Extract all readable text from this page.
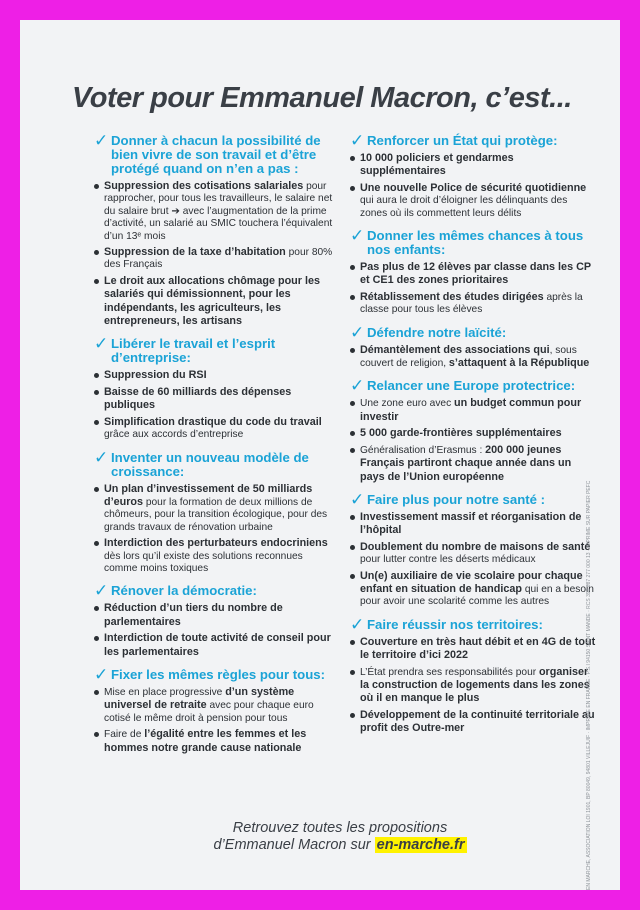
Voter pour Emmanuel Macron, c’est...
✓ Donner à chacun la possibilité de bien vivre de son travail et d’être protégé quand on n’en a pas :
Suppression des cotisations salariales pour rapprocher, pour tous les travailleurs, le salaire net du salaire brut ➔ avec l’augmentation de la prime d’activité, un salarié au SMIC touchera l’équivalent d’un 13ᵉ mois
Suppression de la taxe d’habitation pour 80% des Français
Le droit aux allocations chômage pour les salariés qui démissionnent, pour les indépendants, les agriculteurs, les entrepreneurs, les artisans
✓ Libérer le travail et l’esprit d’entreprise:
Suppression du RSI
Baisse de 60 milliards des dépenses publiques
Simplification drastique du code du travail grâce aux accords d’entreprise
✓ Inventer un nouveau modèle de croissance:
Un plan d’investissement de 50 milliards d’euros pour la formation de deux millions de chômeurs, pour la transition écologique, pour des grands travaux de rénovation urbaine
Interdiction des perturbateurs endocriniens dès lors qu’il existe des solutions reconnues comme moins toxiques
✓ Rénover la démocratie:
Réduction d’un tiers du nombre de parlementaires
Interdiction de toute activité de conseil pour les parlementaires
✓ Fixer les mêmes règles pour tous:
Mise en place progressive d’un système universel de retraite avec pour chaque euro cotisé le même droit à pension pour tous
Faire de l’égalité entre les femmes et les hommes notre grande cause nationale
✓ Renforcer un État qui protège:
10 000 policiers et gendarmes supplémentaires
Une nouvelle Police de sécurité quotidienne qui aura le droit d’éloigner les délinquants des zones où ils commettent leurs délits
✓ Donner les mêmes chances à tous nos enfants:
Pas plus de 12 élèves par classe dans les CP et CE1 des zones prioritaires
Rétablissement des études dirigées après la classe pour tous les élèves
✓ Défendre notre laïcité:
Démantèlement des associations qui, sous couvert de religion, s’attaquent à la République
✓ Relancer une Europe protectrice:
Une zone euro avec un budget commun pour investir
5 000 garde-frontières supplémentaires
Généralisation d’Erasmus : 200 000 jeunes Français partiront chaque année dans un pays de l’Union européenne
✓ Faire plus pour notre santé :
Investissement massif et réorganisation de l’hôpital
Doublement du nombre de maisons de santé pour lutter contre les déserts médicaux
Un(e) auxiliaire de vie scolaire pour chaque enfant en situation de handicap qui en a besoin pour avoir une scolarité comme les autres
✓ Faire réussir nos territoires:
Couverture en très haut débit et en 4G de tout le territoire d’ici 2022
L’État prendra ses responsabilités pour organiser la construction de logements dans les zones où il en manque le plus
Développement de la continuité territoriale au profit des Outre-mer
Retrouvez toutes les propositions
d’Emmanuel Macron sur en-marche.fr	EN MARCHE, ASSOCIATION LOI 1901, BP 80049, 94801 VILLEJUIF · IMPRIMÉ EN FRANCE · P.S.I 94150 SAINT MANDÉ · RCS 390 887 277 000 13 · IMPRIMÉ SUR PAPIER PEFC
